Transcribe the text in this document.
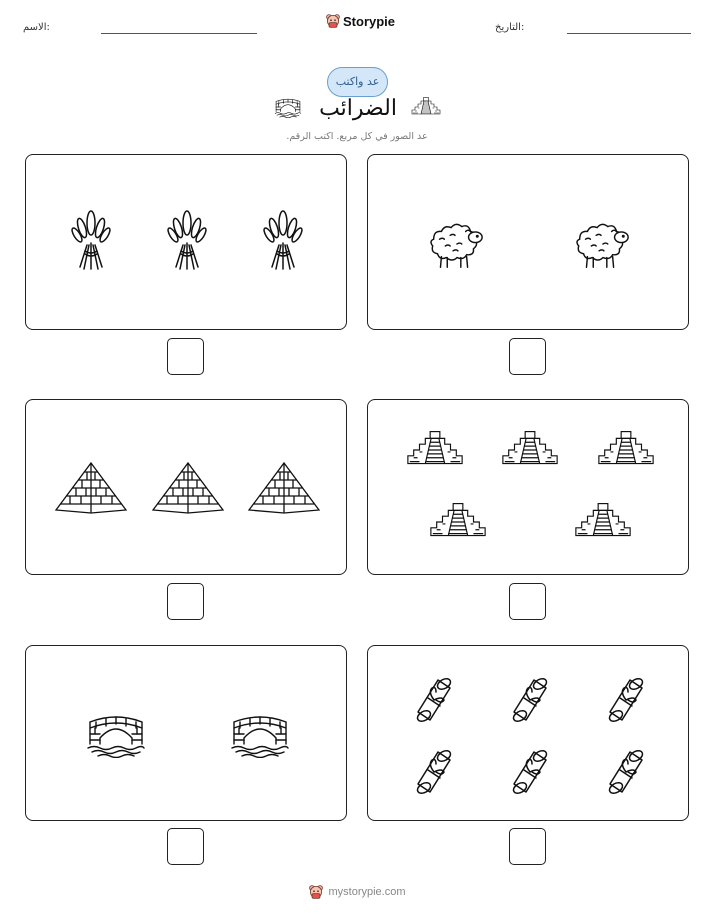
التاريخ:
الاسم:	Storypie
عد واكتب
الضرائب
عد الصور في كل مربع. اكتب الرقم.
mystorypie.com
